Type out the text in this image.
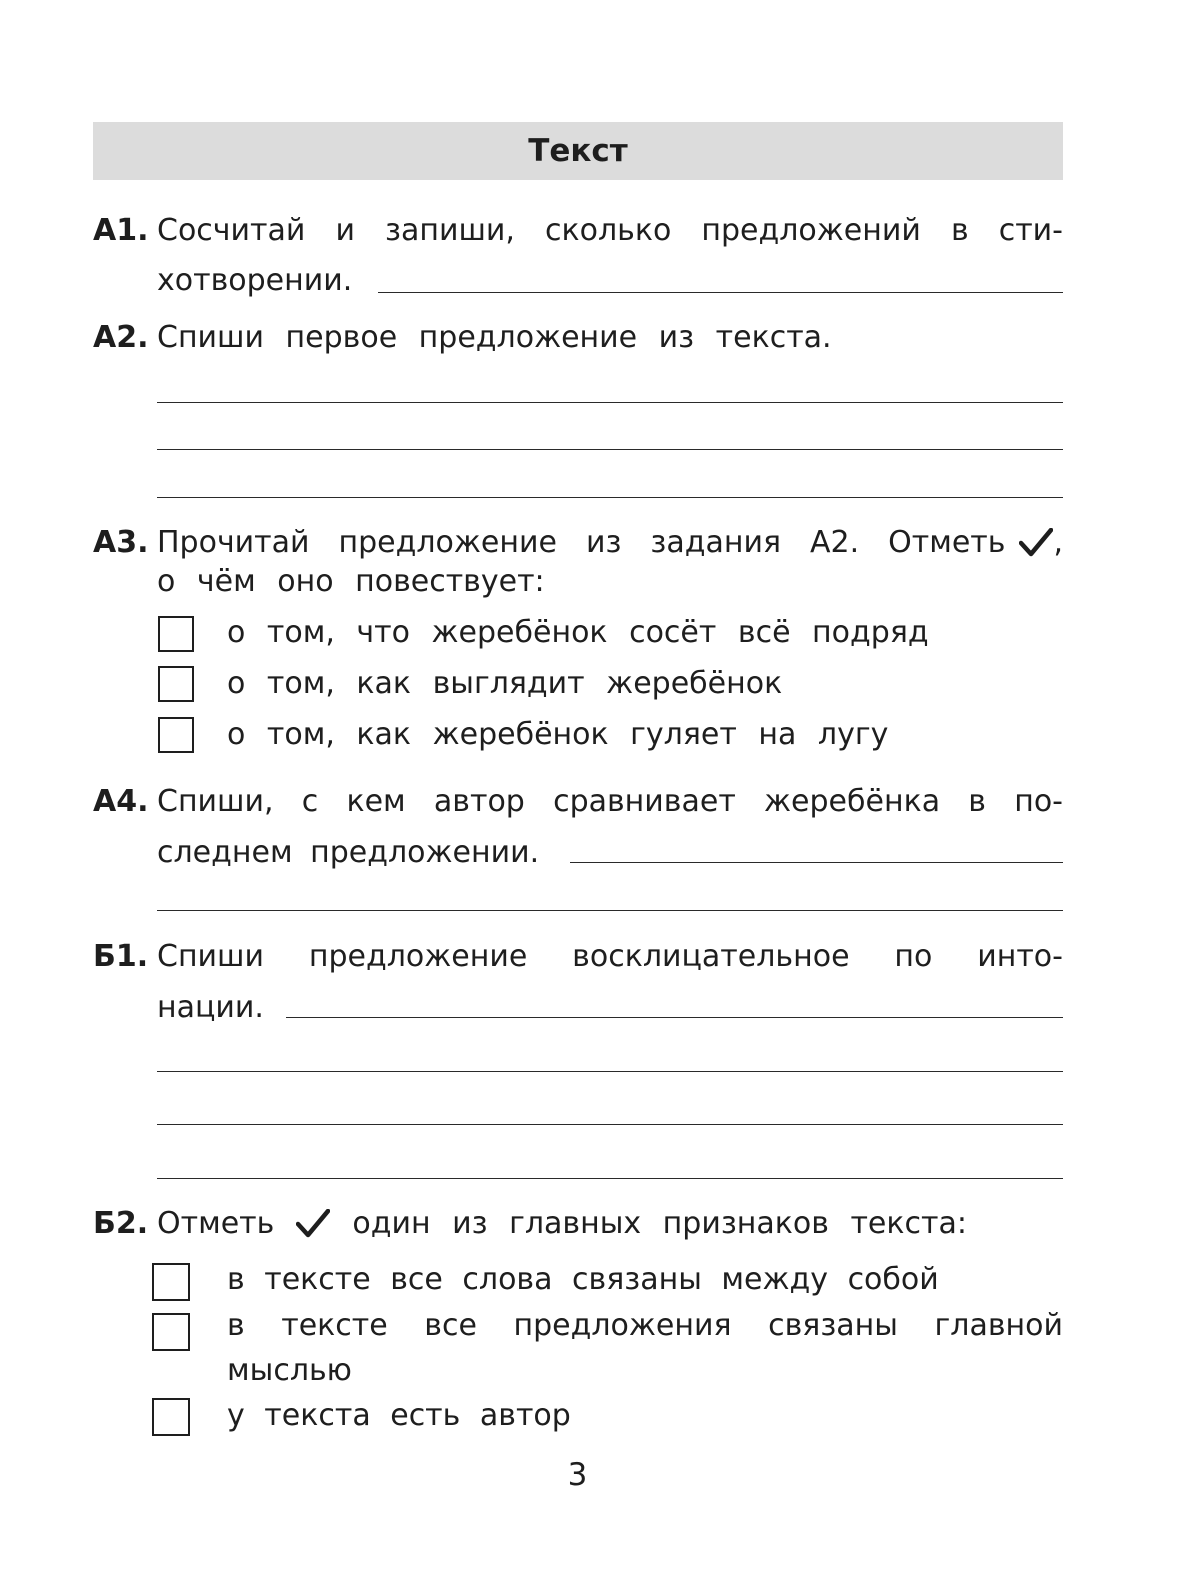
Текст
А1. Сосчитай и запиши, сколько предложений в сти-
хотворении.
А2. Спиши первое предложение из текста.
А3. Прочитай предложение из задания А2. Отметь ,
о чём оно повествует:
о том, что жеребёнок сосёт всё подряд
о том, как выглядит жеребёнок
о том, как жеребёнок гуляет на лугу
А4. Спиши, с кем автор сравнивает жеребёнка в по-
следнем предложении.
Б1. Спиши предложение восклицательное по инто-
нации.
Б2. Отметь	один из главных признаков текста:
в тексте все слова связаны между собой
в тексте все предложения связаны главной
мыслью
у текста есть автор
3
